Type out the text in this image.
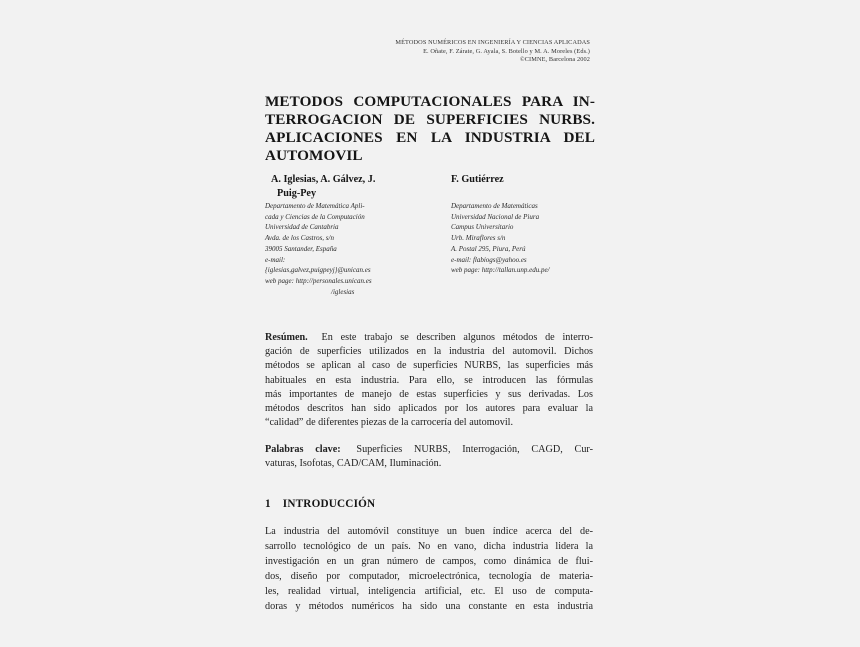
MÉTODOS NUMÉRICOS EN INGENIERÍA Y CIENCIAS APLICADAS
E. Oñate, F. Zárate, G. Ayala, S. Botello y M. A. Moreles (Eds.)
©CIMNE, Barcelona 2002
METODOS COMPUTACIONALES PARA IN-
TERROGACION DE SUPERFICIES NURBS.
APLICACIONES EN LA INDUSTRIA DEL
AUTOMOVIL
A. Iglesias, A. Gálvez, J.
Puig-Pey
F. Gutiérrez
Departamento de Matemática Apli-
cada y Ciencias de la Computación
Universidad de Cantabria
Avda. de los Castros, s/n
39005 Santander, España
e-mail:
{iglesias,galvez,puigpeyj}@unican.es
web page: http://personales.unican.es
/iglesias
Departamento de Matemáticas
Universidad Nacional de Piura
Campus Universitario
Urb. Miraflores s/n
A. Postal 295, Piura, Perú
e-mail: flabiogs@yahoo.es
web page: http://tallan.unp.edu.pe/
Resúmen. En este trabajo se describen algunos métodos de interro-
gación de superficies utilizados en la industria del automovil. Dichos
métodos se aplican al caso de superficies NURBS, las superficies más
habituales en esta industria. Para ello, se introducen las fórmulas
más importantes de manejo de estas superficies y sus derivadas. Los
métodos descritos han sido aplicados por los autores para evaluar la
“calidad” de diferentes piezas de la carrocería del automovil.
Palabras clave: Superficies NURBS, Interrogación, CAGD, Cur-
vaturas, Isofotas, CAD/CAM, Iluminación.
1 INTRODUCCIÓN
La industria del automóvil constituye un buen índice acerca del de-
sarrollo tecnológico de un país. No en vano, dicha industria lidera la
investigación en un gran número de campos, como dinámica de flui-
dos, diseño por computador, microelectrónica, tecnología de materia-
les, realidad virtual, inteligencia artificial, etc. El uso de computa-
doras y métodos numéricos ha sido una constante en esta industria
